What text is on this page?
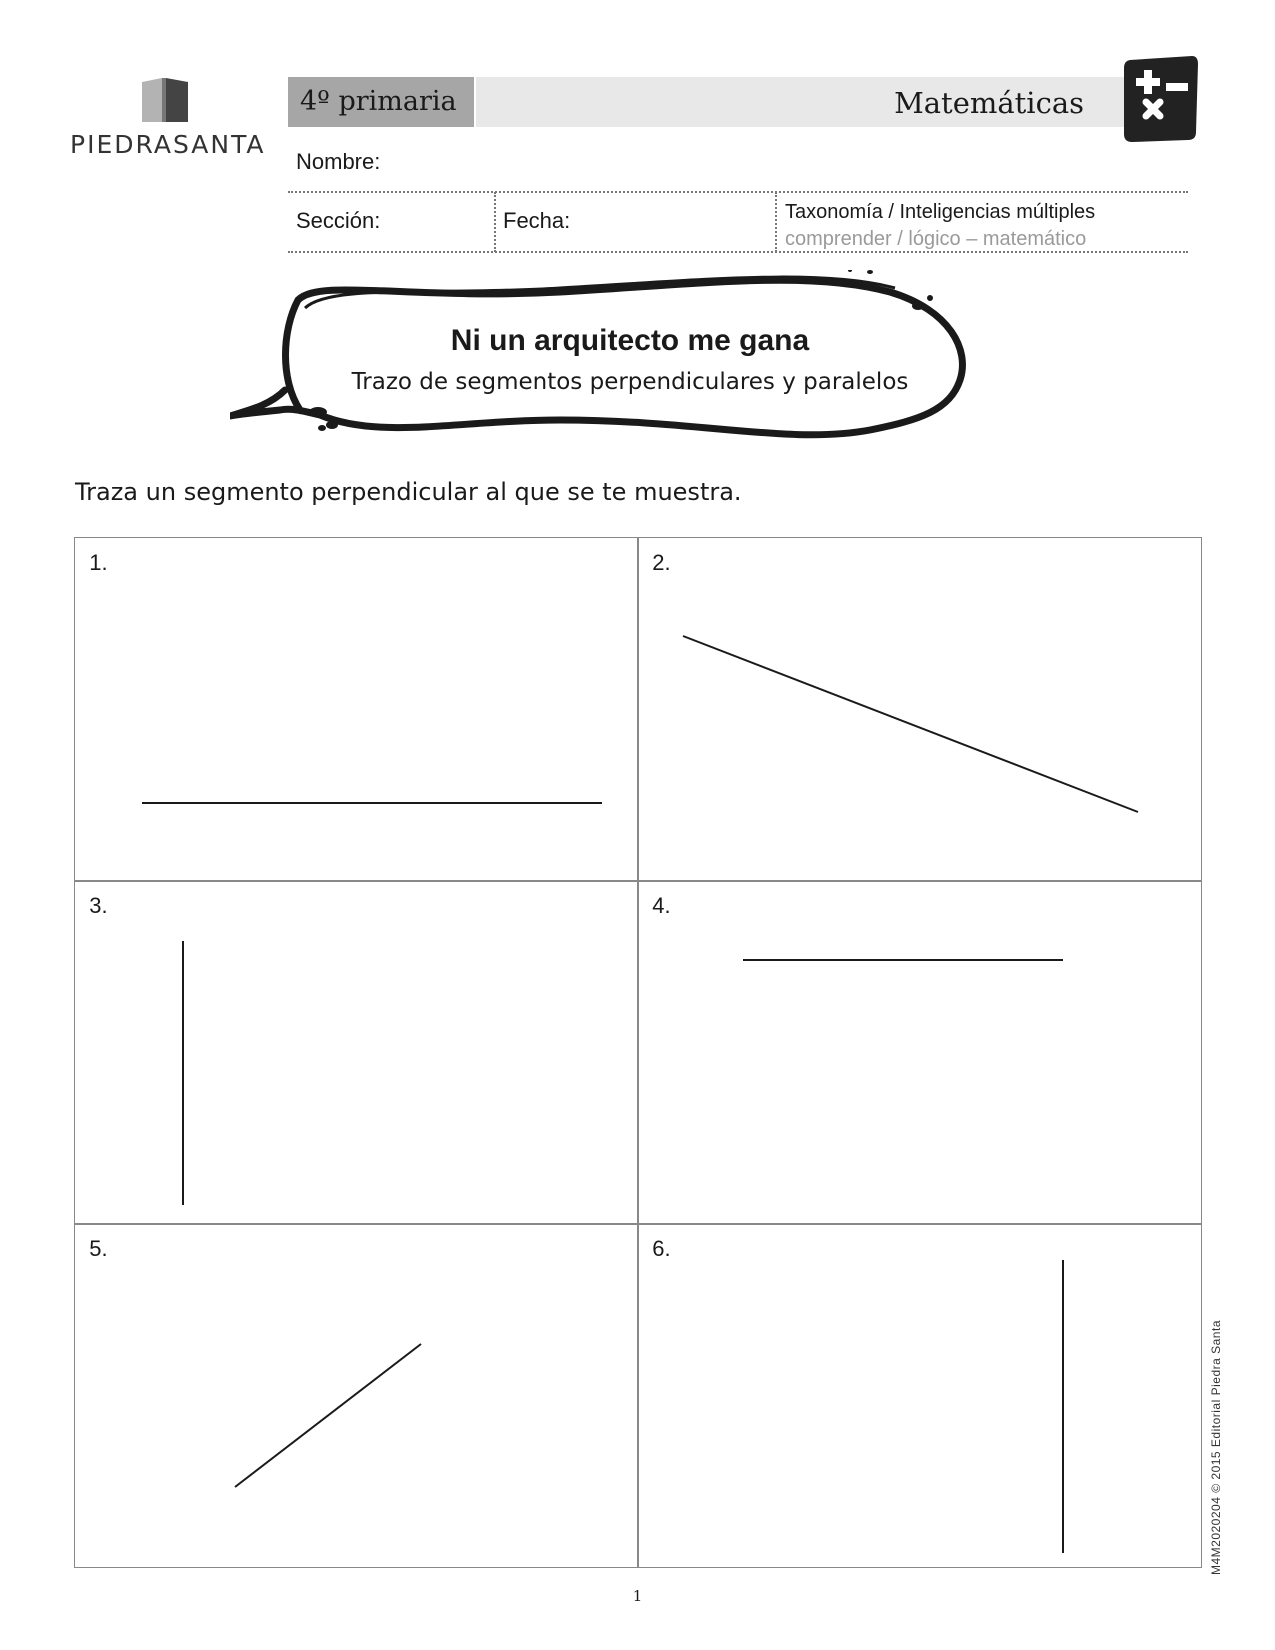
PIEDRASANTA
4º primaria	Matemáticas
Nombre:
Sección:	Fecha:	Taxonomía / Inteligencias múltiples
comprender / lógico – matemático
Ni un arquitecto me gana
Trazo de segmentos perpendiculares y paralelos
Traza un segmento perpendicular al que se te muestra.
1.	2.
3.	4.
5.	6.
M4M2020204 © 2015 Editorial Piedra Santa
1
